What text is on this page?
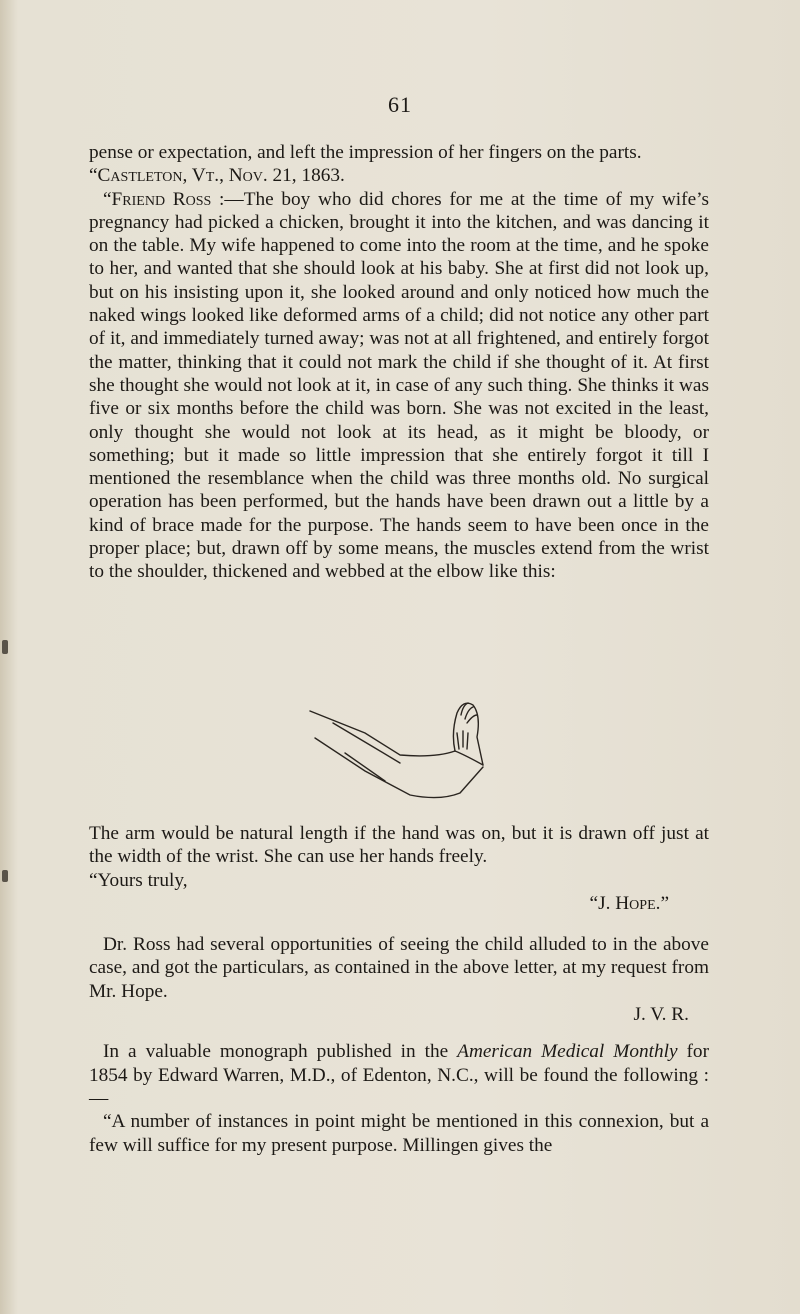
61

pense or expectation, and left the impression of her fingers on the parts.

“Castleton, Vt., Nov. 21, 1863.

“Friend Ross :—The boy who did chores for me at the time of my wife’s pregnancy had picked a chicken, brought it into the kitchen, and was dancing it on the table. My wife happened to come into the room at the time, and he spoke to her, and wanted that she should look at his baby. She at first did not look up, but on his insisting upon it, she looked around and only noticed how much the naked wings looked like deformed arms of a child; did not notice any other part of it, and immediately turned away; was not at all frightened, and entirely forgot the matter, thinking that it could not mark the child if she thought of it. At first she thought she would not look at it, in case of any such thing. She thinks it was five or six months before the child was born. She was not excited in the least, only thought she would not look at its head, as it might be bloody, or something; but it made so little impression that she entirely forgot it till I mentioned the resemblance when the child was three months old. No surgical operation has been performed, but the hands have been drawn out a little by a kind of brace made for the purpose. The hands seem to have been once in the proper place; but, drawn off by some means, the muscles extend from the wrist to the shoulder, thickened and webbed at the elbow like this:

The arm would be natural length if the hand was on, but it is drawn off just at the width of the wrist. She can use her hands freely.

“Yours truly,

“J. Hope.”

Dr. Ross had several opportunities of seeing the child alluded to in the above case, and got the particulars, as contained in the above letter, at my request from Mr. Hope.

J. V. R.

In a valuable monograph published in the American Medical Monthly for 1854 by Edward Warren, M.D., of Edenton, N.C., will be found the following :—

“A number of instances in point might be mentioned in this connexion, but a few will suffice for my present purpose. Millingen gives the
